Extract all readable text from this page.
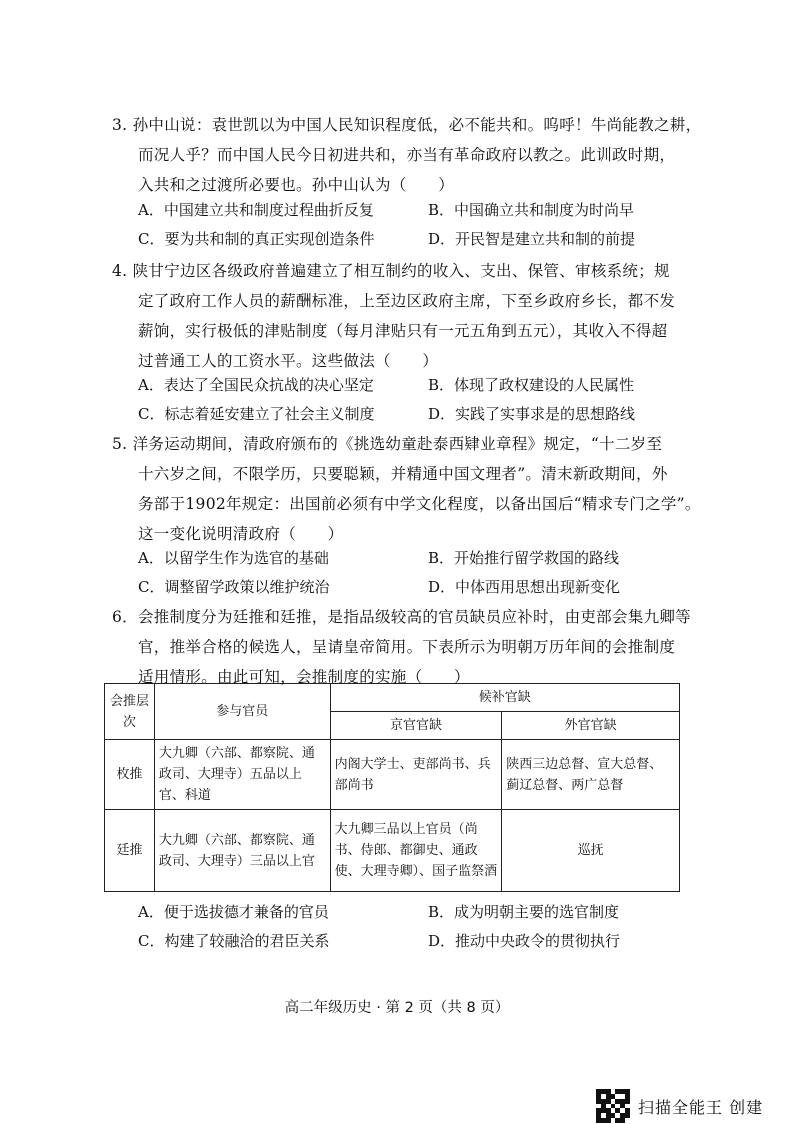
3. 孙中山说：袁世凯以为中国人民知识程度低，必不能共和。呜呼！牛尚能教之耕，
而况人乎？而中国人民今日初进共和，亦当有革命政府以教之。此训政时期，
入共和之过渡所必要也。孙中山认为（　　）
A．中国建立共和制度过程曲折反复	B．中国确立共和制度为时尚早
C．要为共和制的真正实现创造条件	D．开民智是建立共和制的前提
4. 陕甘宁边区各级政府普遍建立了相互制约的收入、支出、保管、审核系统；规
定了政府工作人员的薪酬标准，上至边区政府主席，下至乡政府乡长，都不发
薪饷，实行极低的津贴制度（每月津贴只有一元五角到五元），其收入不得超
过普通工人的工资水平。这些做法（　　）
A．表达了全国民众抗战的决心坚定	B．体现了政权建设的人民属性
C．标志着延安建立了社会主义制度	D．实践了实事求是的思想路线
5. 洋务运动期间，清政府颁布的《挑选幼童赴泰西肄业章程》规定，“十二岁至
十六岁之间，不限学历，只要聪颖，并精通中国文理者”。清末新政期间，外
务部于1902年规定：出国前必须有中学文化程度，以备出国后“精求专门之学”。
这一变化说明清政府（　　）
A．以留学生作为选官的基础	B．开始推行留学救国的路线
C．调整留学政策以维护统治	D．中体西用思想出现新变化
6．会推制度分为廷推和廷推，是指品级较高的官员缺员应补时，由吏部会集九卿等
官，推举合格的候选人，呈请皇帝简用。下表所示为明朝万历年间的会推制度
适用情形。由此可知，会推制度的实施（　　）
会推层次	参与官员	候补官缺	
		京官官缺	外官官缺
枚推	大九卿（六部、都察院、通政司、大理寺）五品以上官、科道	内阁大学士、吏部尚书、兵部尚书	陕西三边总督、宣大总督、蓟辽总督、两广总督
廷推	大九卿（六部、都察院、通政司、大理寺）三品以上官	大九卿三品以上官员（尚书、侍郎、都御史、通政使、大理寺卿）、国子监祭酒	巡抚
A．便于选拔德才兼备的官员	B．成为明朝主要的选官制度
C．构建了较融洽的君臣关系	D．推动中央政令的贯彻执行
高二年级历史 · 第 2 页（共 8 页）
扫描全能王 创建
